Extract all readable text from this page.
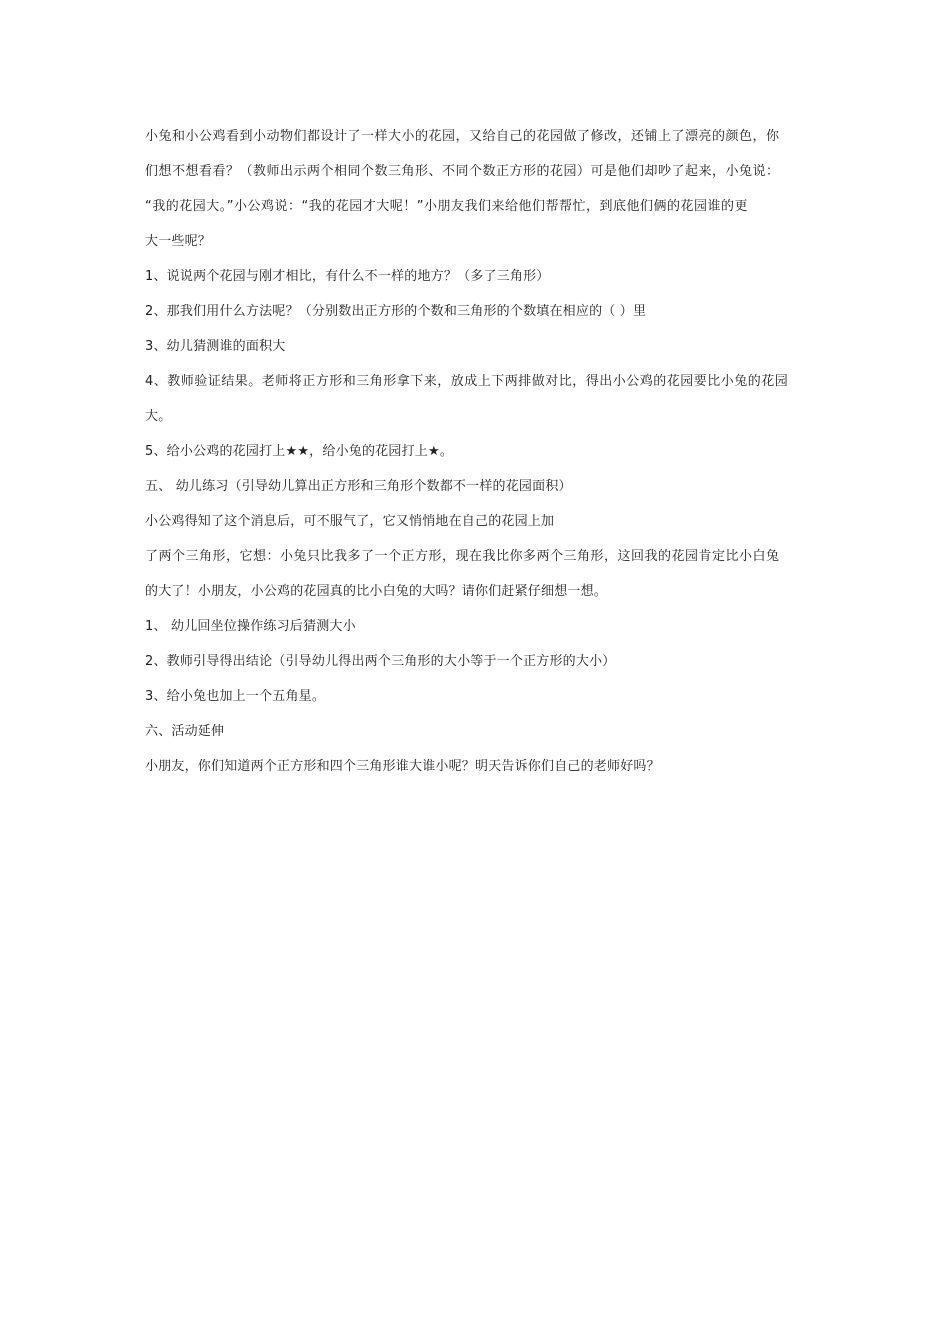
小兔和小公鸡看到小动物们都设计了一样大小的花园，又给自己的花园做了修改，还铺上了漂亮的颜色，你
们想不想看看？（教师出示两个相同个数三角形、不同个数正方形的花园）可是他们却吵了起来，小兔说：
“我的花园大。”小公鸡说：“我的花园才大呢！”小朋友我们来给他们帮帮忙，到底他们俩的花园谁的更
大一些呢？
1、说说两个花园与刚才相比，有什么不一样的地方？（多了三角形）
2、那我们用什么方法呢？（分别数出正方形的个数和三角形的个数填在相应的（ ）里
3、幼儿猜测谁的面积大
4、教师验证结果。老师将正方形和三角形拿下来，放成上下两排做对比，得出小公鸡的花园要比小兔的花园
大。
5、给小公鸡的花园打上★★，给小兔的花园打上★。
五、 幼儿练习（引导幼儿算出正方形和三角形个数都不一样的花园面积）
小公鸡得知了这个消息后，可不服气了，它又悄悄地在自己的花园上加
了两个三角形，它想：小兔只比我多了一个正方形，现在我比你多两个三角形，这回我的花园肯定比小白兔
的大了！小朋友，小公鸡的花园真的比小白兔的大吗？请你们赶紧仔细想一想。
1、 幼儿回坐位操作练习后猜测大小
2、教师引导得出结论（引导幼儿得出两个三角形的大小等于一个正方形的大小）
3、给小兔也加上一个五角星。
六、活动延伸
小朋友，你们知道两个正方形和四个三角形谁大谁小呢？明天告诉你们自己的老师好吗？
